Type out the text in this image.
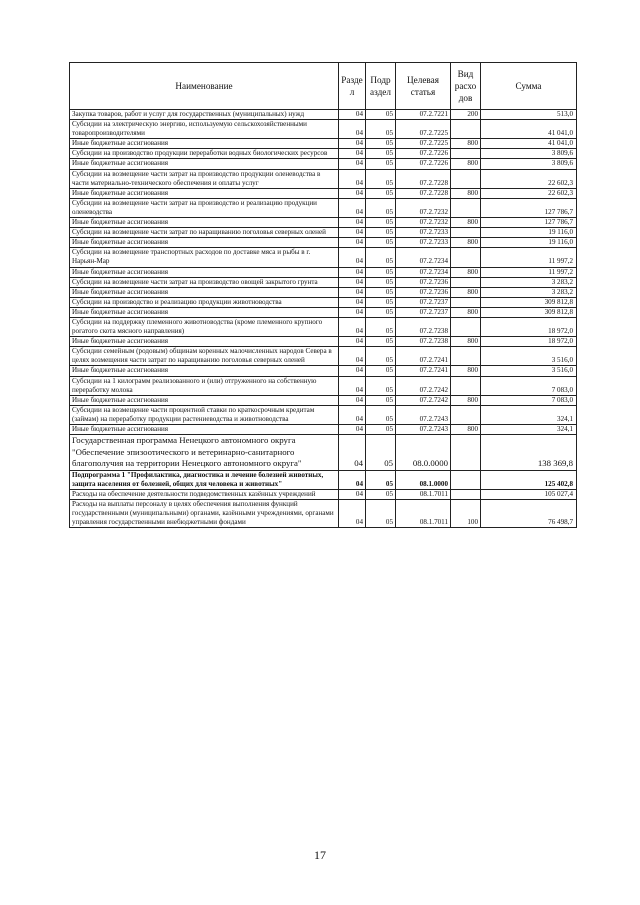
Наименование	Разде л	Подр аздел	Целевая статья	Вид расхо дов	Сумма
Закупка товаров, работ и услуг для государственных (муниципальных) нужд	04	05	07.2.7221	200	513,0
Субсидии на электрическую энергию, используемую сельскохозяйственными товаропроизводителями	04	05	07.2.7225		41 041,0
Иные бюджетные ассигнования	04	05	07.2.7225	800	41 041,0
Субсидии на производство продукции переработки водных биологических ресурсов	04	05	07.2.7226		3 809,6
Иные бюджетные ассигнования	04	05	07.2.7226	800	3 809,6
Субсидии на возмещение части затрат на производство продукции оленеводства в части материально-технического обеспечения и оплаты услуг	04	05	07.2.7228		22 602,3
Иные бюджетные ассигнования	04	05	07.2.7228	800	22 602,3
Субсидии на возмещение части затрат на производство и реализацию продукции оленеводства	04	05	07.2.7232		127 786,7
Иные бюджетные ассигнования	04	05	07.2.7232	800	127 786,7
Субсидии на возмещение части затрат по наращиванию поголовья северных оленей	04	05	07.2.7233		19 116,0
Иные бюджетные ассигнования	04	05	07.2.7233	800	19 116,0
Субсидии на возмещение транспортных расходов по доставке мяса и рыбы в г. Нарьян-Мар	04	05	07.2.7234		11 997,2
Иные бюджетные ассигнования	04	05	07.2.7234	800	11 997,2
Субсидии на возмещение части затрат на производство овощей закрытого грунта	04	05	07.2.7236		3 283,2
Иные бюджетные ассигнования	04	05	07.2.7236	800	3 283,2
Субсидии на производство и реализацию продукции животноводства	04	05	07.2.7237		309 812,8
Иные бюджетные ассигнования	04	05	07.2.7237	800	309 812,8
Субсидии на поддержку племенного животноводства (кроме племенного крупного рогатого скота мясного направления)	04	05	07.2.7238		18 972,0
Иные бюджетные ассигнования	04	05	07.2.7238	800	18 972,0
Субсидии семейным (родовым) общинам коренных малочисленных народов Севера в целях возмещения части затрат по наращиванию поголовья северных оленей	04	05	07.2.7241		3 516,0
Иные бюджетные ассигнования	04	05	07.2.7241	800	3 516,0
Субсидии на 1 килограмм реализованного и (или) отгруженного на собственную переработку молока	04	05	07.2.7242		7 083,0
Иные бюджетные ассигнования	04	05	07.2.7242	800	7 083,0
Субсидии на возмещение части процентной ставки по краткосрочным кредитам (займам) на переработку продукции растениеводства и животноводства	04	05	07.2.7243		324,1
Иные бюджетные ассигнования	04	05	07.2.7243	800	324,1
Государственная программа Ненецкого автономного округа "Обеспечение эпизоотического и ветеринарно-санитарного благополучия на территории Ненецкого автономного округа"	04	05	08.0.0000		138 369,8
Подпрограмма 1 "Профилактика, диагностика и лечение болезней животных, защита населения от болезней, общих для человека и животных"	04	05	08.1.0000		125 402,8
Расходы на обеспечение деятельности подведомственных казённых учреждений	04	05	08.1.7011		105 027,4
Расходы на выплаты персоналу в целях обеспечения выполнения функций государственными (муниципальными) органами, казёнными учреждениями, органами управления государственными внебюджетными фондами	04	05	08.1.7011	100	76 498,7
17
